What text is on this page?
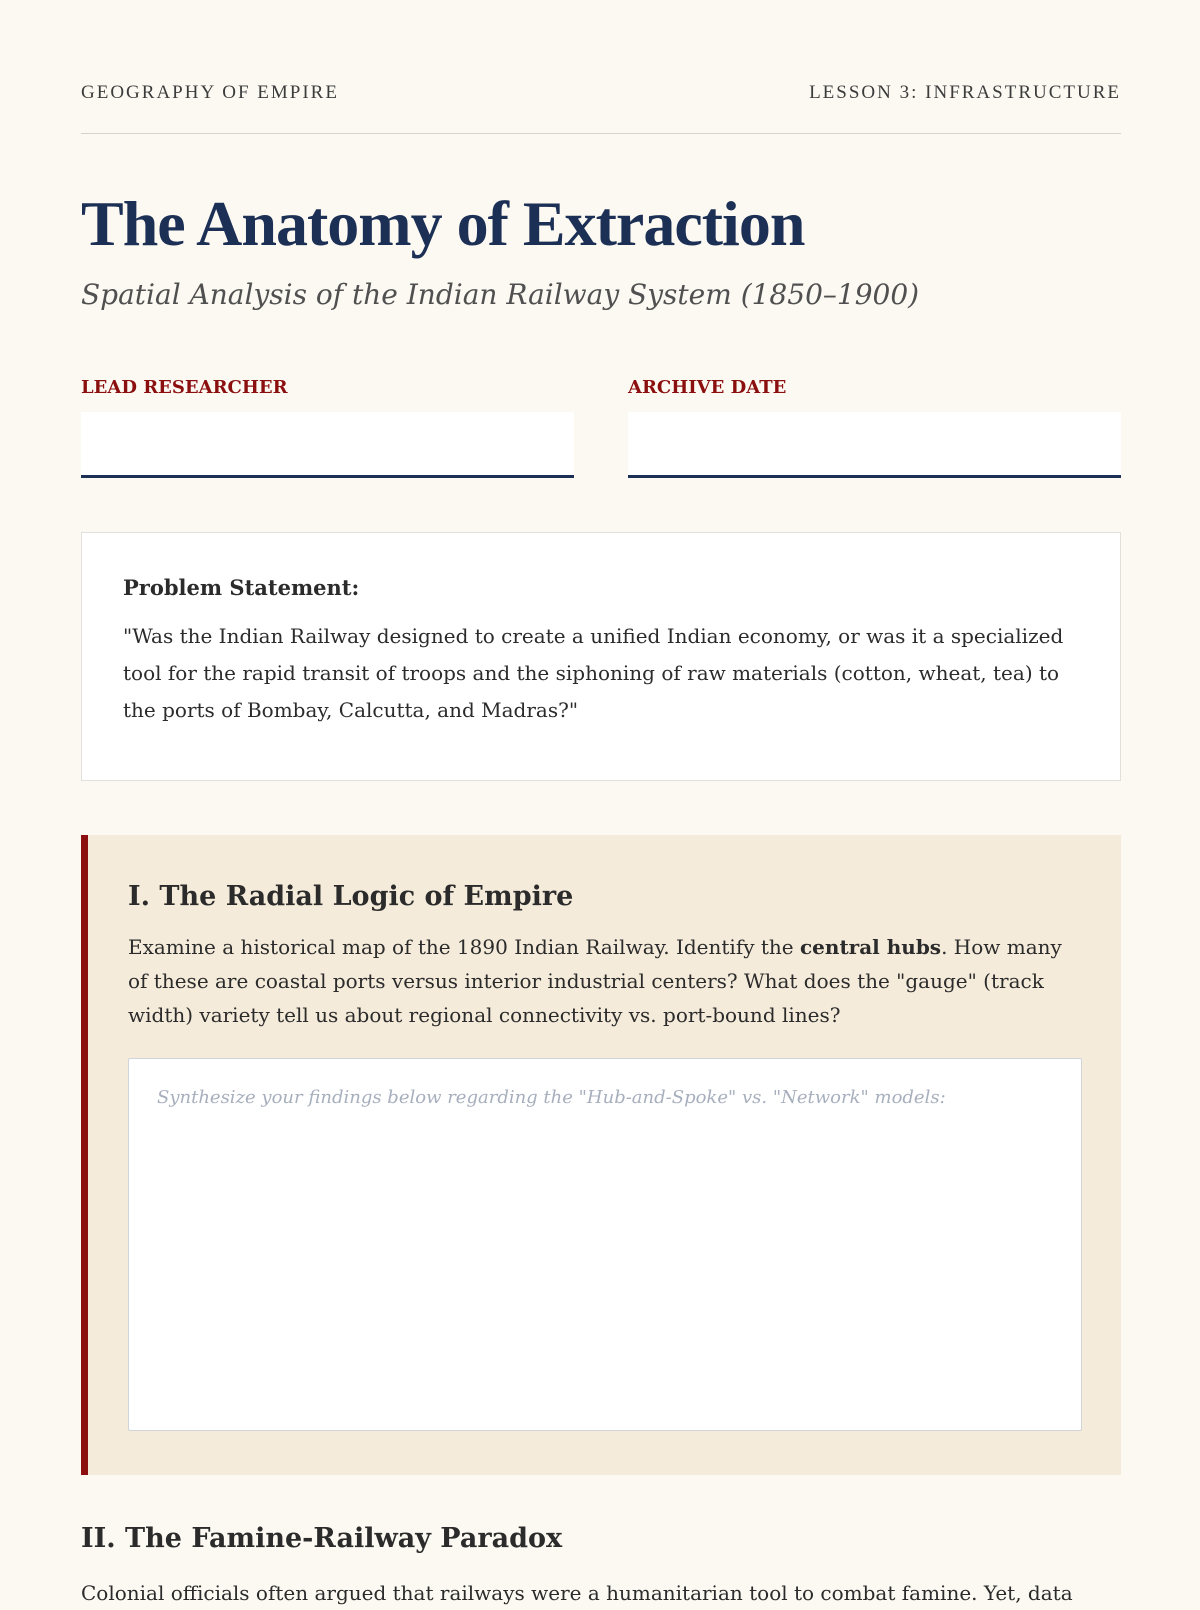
GEOGRAPHY OF EMPIRE	LESSON 3: INFRASTRUCTURE
The Anatomy of Extraction
Spatial Analysis of the Indian Railway System (1850–1900)
LEAD RESEARCHER	ARCHIVE DATE
Problem Statement:
"Was the Indian Railway designed to create a unified Indian economy, or was it a specialized tool for the rapid transit of troops and the siphoning of raw materials (cotton, wheat, tea) to the ports of Bombay, Calcutta, and Madras?"
I. The Radial Logic of Empire
Examine a historical map of the 1890 Indian Railway. Identify the central hubs. How many of these are coastal ports versus interior industrial centers? What does the "gauge" (track width) variety tell us about regional connectivity vs. port-bound lines?
Synthesize your findings below regarding the "Hub-and-Spoke" vs. "Network" models:
II. The Famine-Railway Paradox
Colonial officials often argued that railways were a humanitarian tool to combat famine. Yet, data
